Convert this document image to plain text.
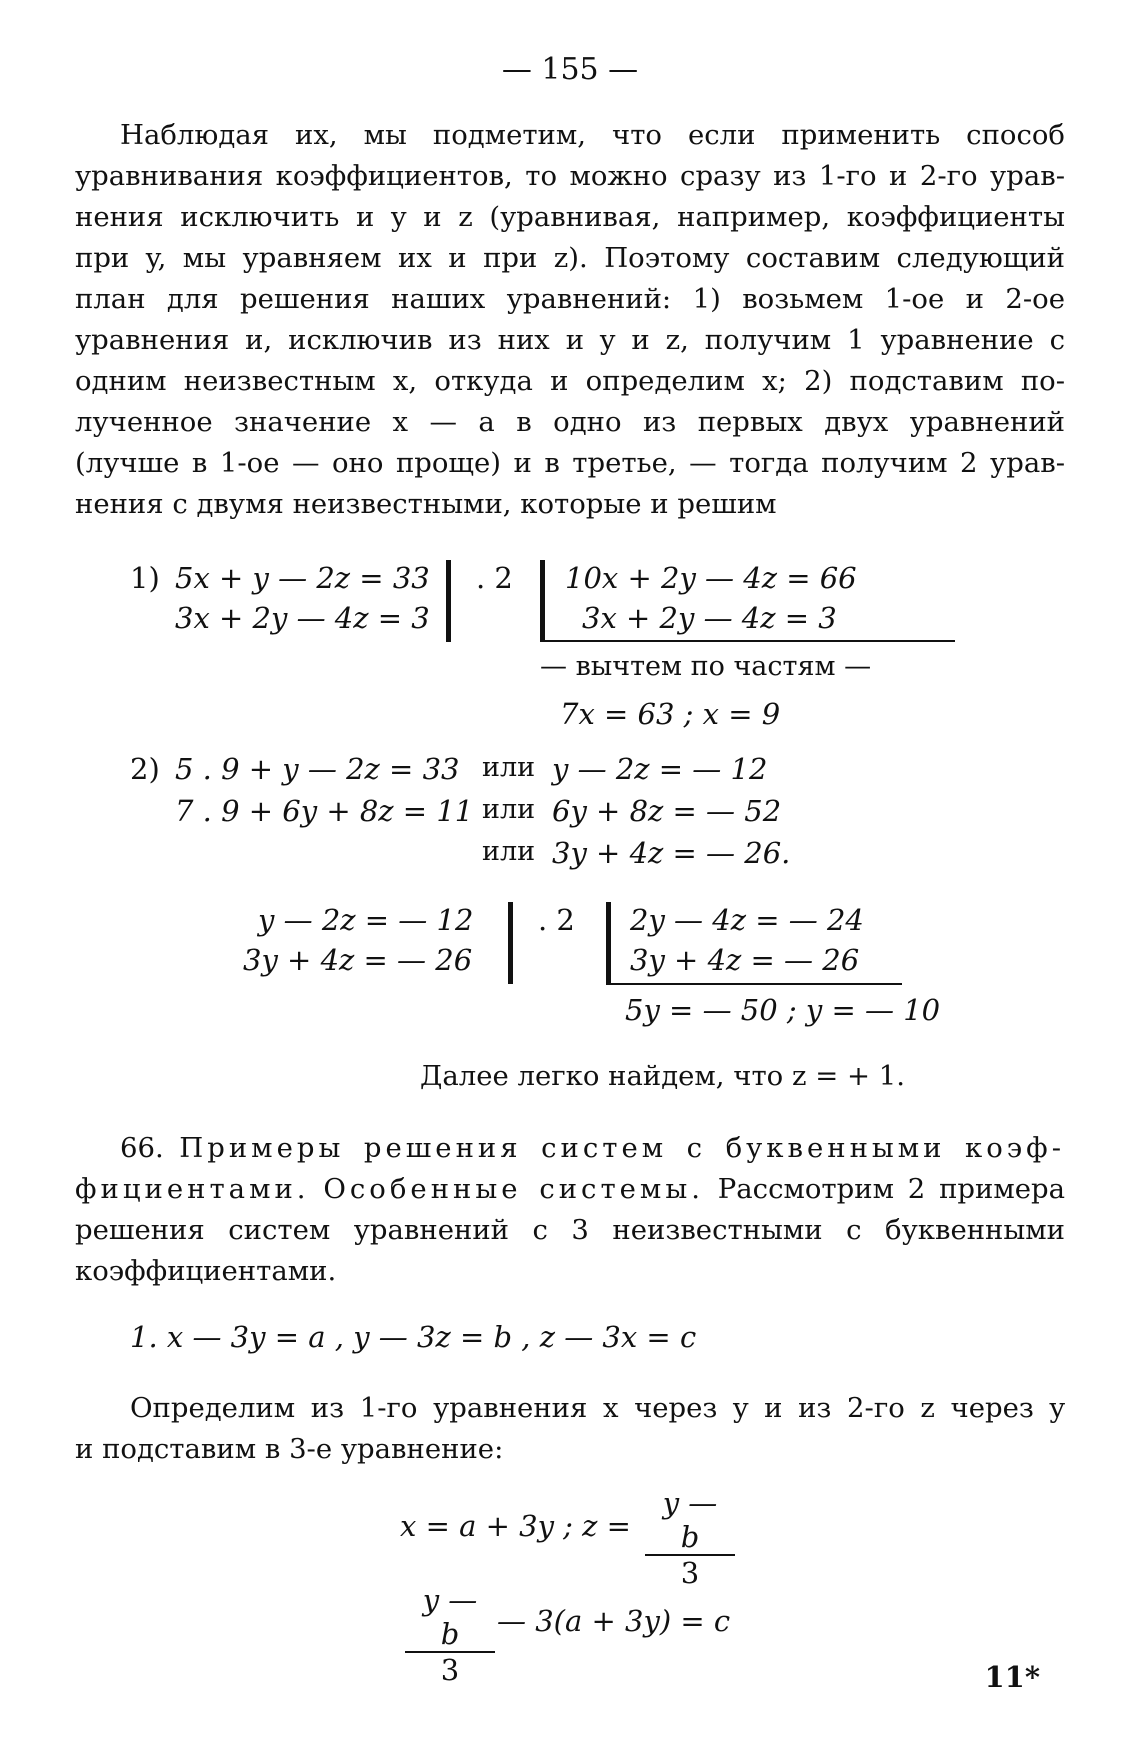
— 155 —
Наблюдая их, мы подметим, что если применить способ
уравнивания коэффициентов, то можно сразу из 1-го и 2-го урав-
нения исключить и y и z (уравнивая, например, коэффициенты
при y, мы уравняем их и при z). Поэтому составим следующий
план для решения наших уравнений: 1) возьмем 1-ое и 2-ое
уравнения и, исключив из них и y и z, получим 1 уравнение с
одним неизвестным x, откуда и определим x; 2) подставим по-
лученное значение x — a в одно из первых двух уравнений
(лучше в 1-ое — оно проще) и в третье, — тогда получим 2 урав-
нения с двумя неизвестными, которые и решим
1) 5x + y — 2z = 33
3x + 2y — 4z = 3
. 2 10x + 2y — 4z = 66
3x + 2y — 4z = 3
— вычтем по частям —
7x = 63 ; x = 9
2) 5 . 9 + y — 2z = 33 или y — 2z = — 12
7 . 9 + 6y + 8z = 11 или 6y + 8z = — 52
или 3y + 4z = — 26.
y — 2z = — 12
3y + 4z = — 26
. 2 2y — 4z = — 24
3y + 4z = — 26
5y = — 50 ; y = — 10
Далее легко найдем, что z = + 1.
66. Примеры решения систем с буквенными коэф-
фициентами. Особенные системы. Рассмотрим 2 примера
решения систем уравнений с 3 неизвестными с буквенными
коэффициентами.
1. x — 3y = a , y — 3z = b , z — 3x = c
Определим из 1-го уравнения x через y и из 2-го z через y
и подставим в 3-е уравнение:
x = a + 3y ; $z = \frac{y — b}{3}$
$\frac{y — b}{3}$ — 3(a + 3y) = c
11*
